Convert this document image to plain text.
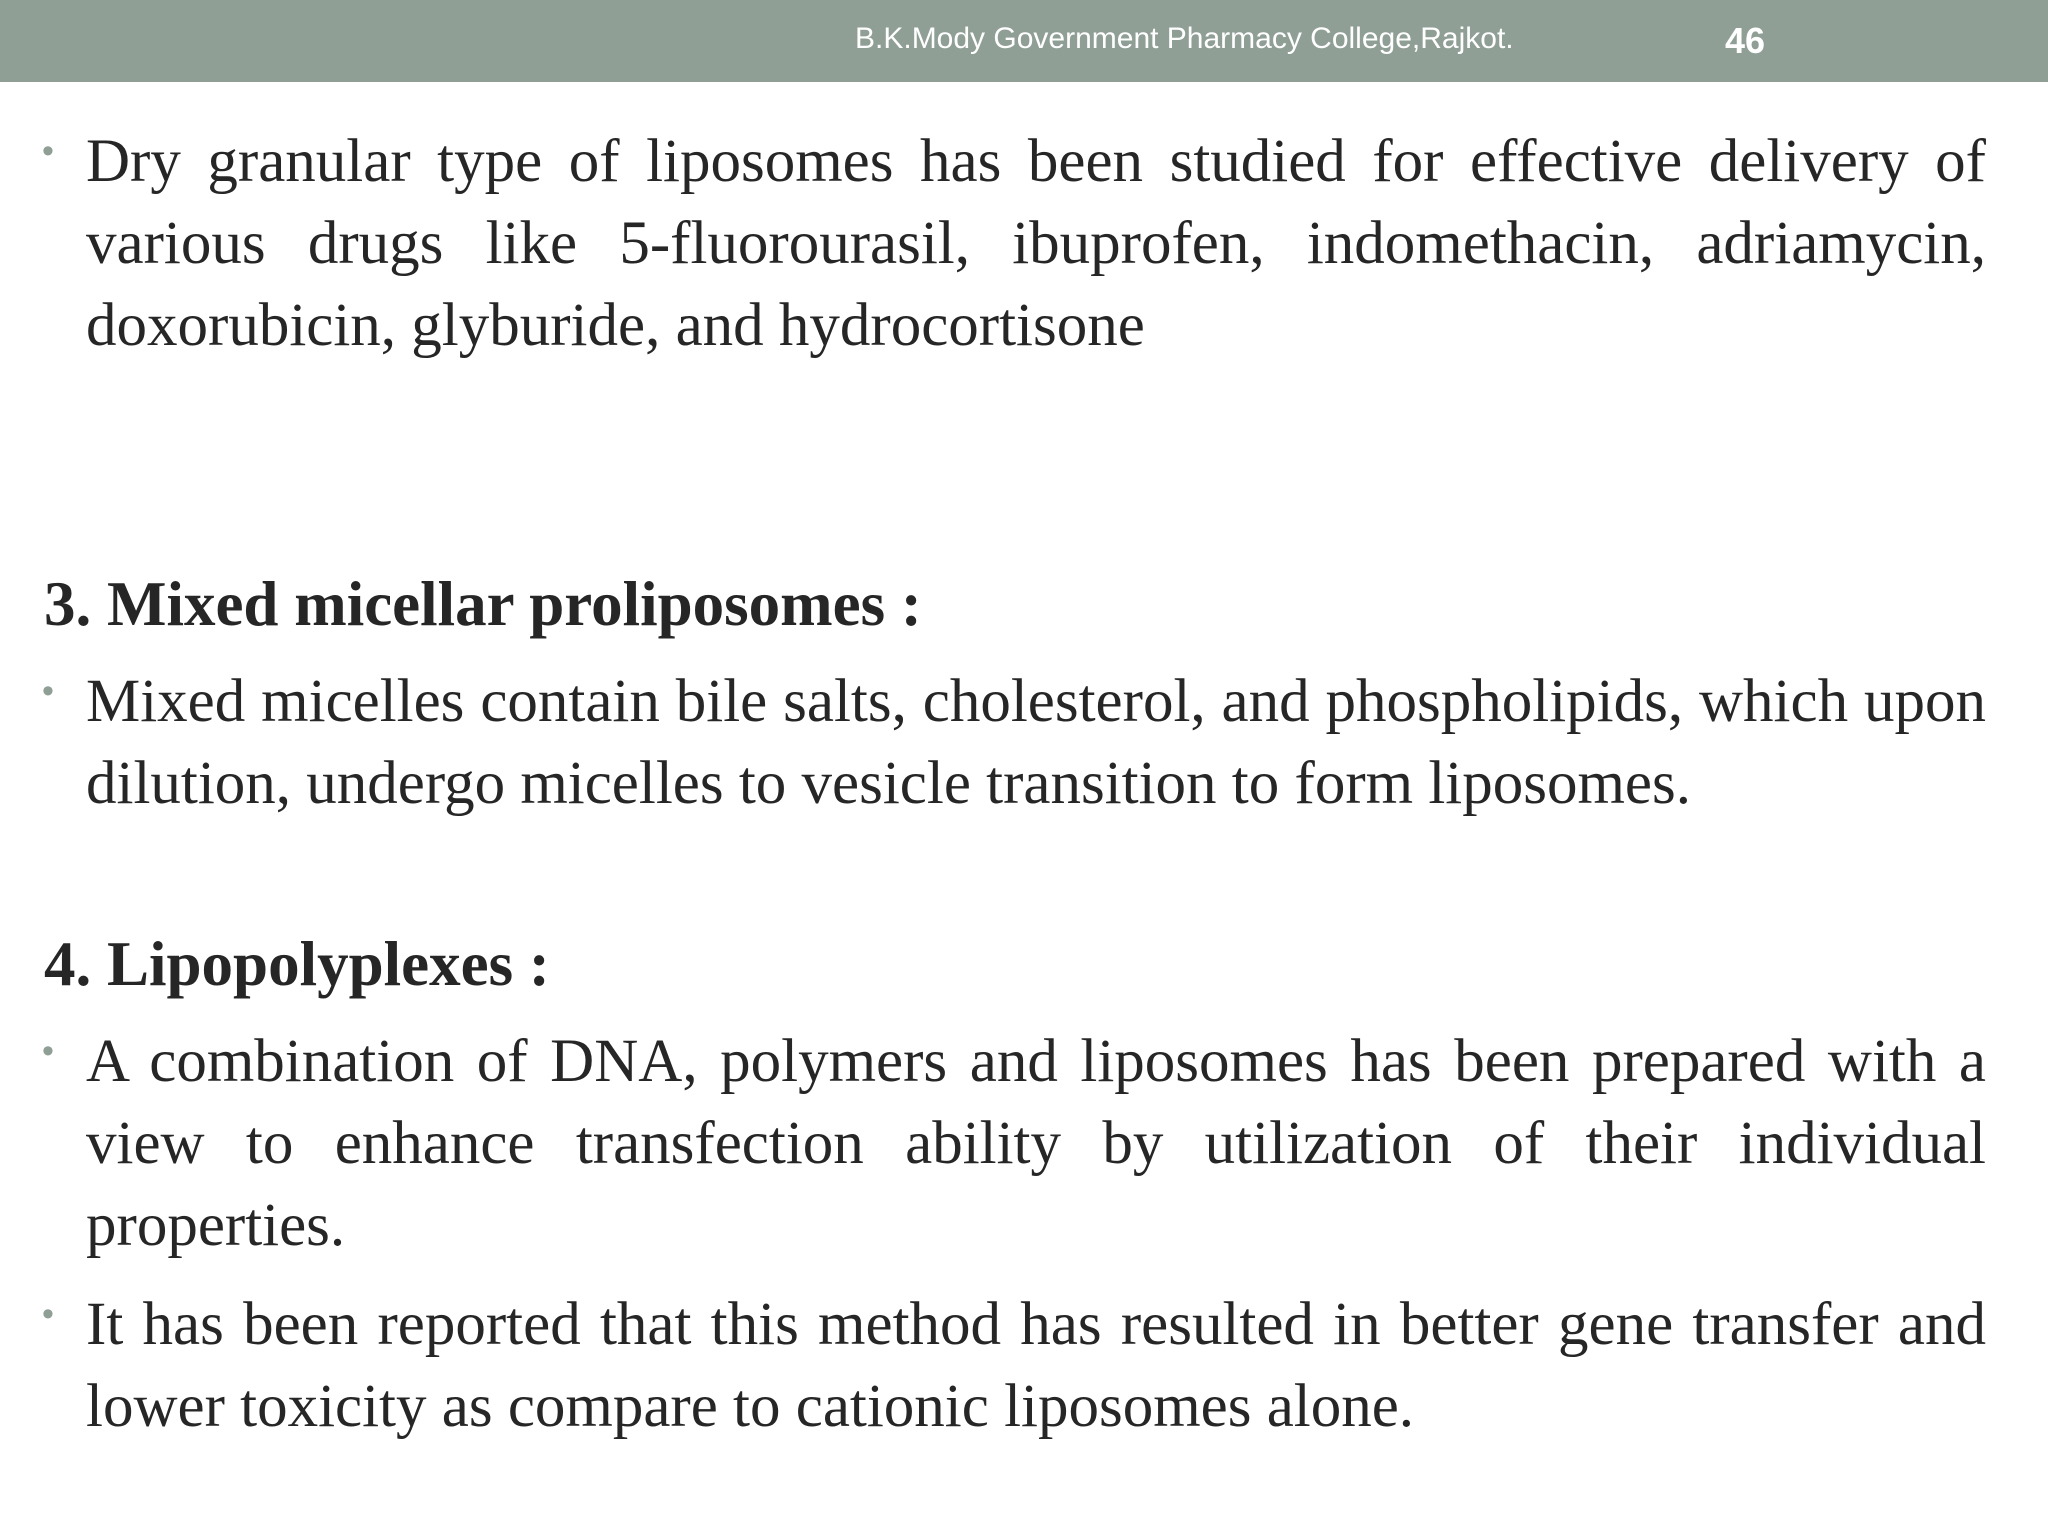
B.K.Mody Government Pharmacy College,Rajkot.	46
• Dry granular type of liposomes has been studied for effective delivery of various drugs like 5-fluorourasil, ibuprofen, indomethacin, adriamycin, doxorubicin, glyburide, and hydrocortisone
3. Mixed micellar proliposomes :
• Mixed micelles contain bile salts, cholesterol, and phospholipids, which upon dilution, undergo micelles to vesicle transition to form liposomes.
4. Lipopolyplexes :
• A combination of DNA, polymers and liposomes has been prepared with a view to enhance transfection ability by utilization of their individual properties.
• It has been reported that this method has resulted in better gene transfer and lower toxicity as compare to cationic liposomes alone.
